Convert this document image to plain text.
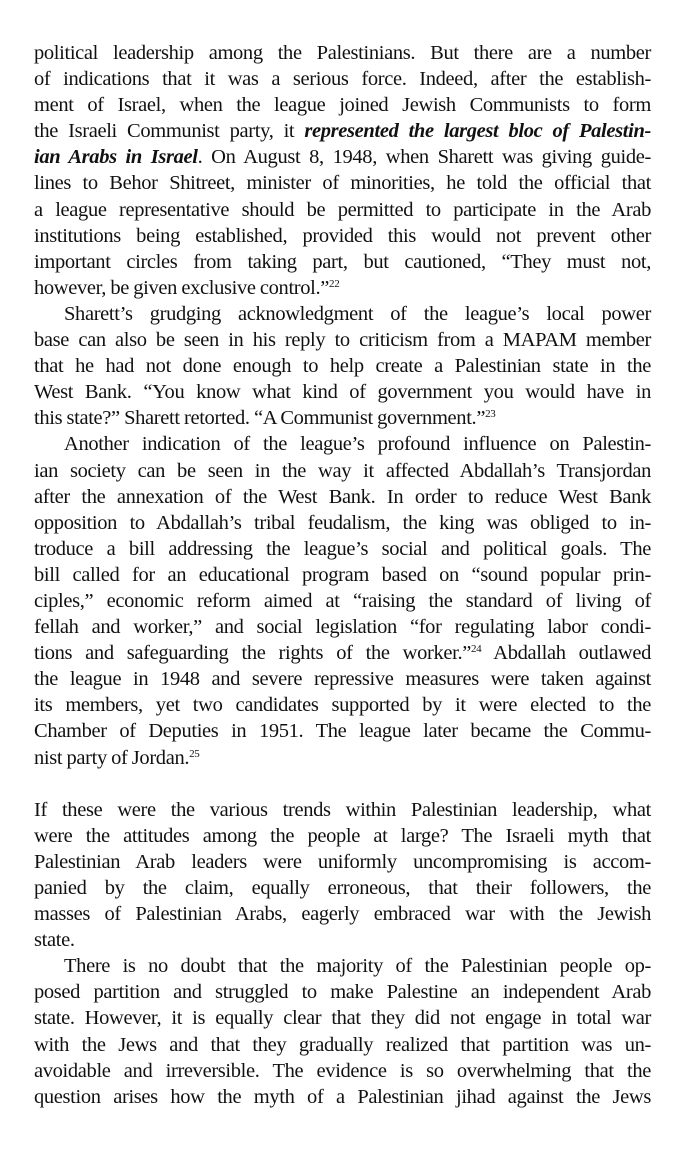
political leadership among the Palestinians. But there are a number
of indications that it was a serious force. Indeed, after the establish-
ment of Israel, when the league joined Jewish Communists to form
the Israeli Communist party, it represented the largest bloc of Palestin-
ian Arabs in Israel. On August 8, 1948, when Sharett was giving guide-
lines to Behor Shitreet, minister of minorities, he told the official that
a league representative should be permitted to participate in the Arab
institutions being established, provided this would not prevent other
important circles from taking part, but cautioned, “They must not,
however, be given exclusive control.”$^{22}$
Sharett’s grudging acknowledgment of the league’s local power
base can also be seen in his reply to criticism from a MAPAM member
that he had not done enough to help create a Palestinian state in the
West Bank. “You know what kind of government you would have in
this state?” Sharett retorted. “A Communist government.”$^{23}$
Another indication of the league’s profound influence on Palestin-
ian society can be seen in the way it affected Abdallah’s Transjordan
after the annexation of the West Bank. In order to reduce West Bank
opposition to Abdallah’s tribal feudalism, the king was obliged to in-
troduce a bill addressing the league’s social and political goals. The
bill called for an educational program based on “sound popular prin-
ciples,” economic reform aimed at “raising the standard of living of
fellah and worker,” and social legislation “for regulating labor condi-
tions and safeguarding the rights of the worker.”$^{24}$ Abdallah outlawed
the league in 1948 and severe repressive measures were taken against
its members, yet two candidates supported by it were elected to the
Chamber of Deputies in 1951. The league later became the Commu-
nist party of Jordan.$^{25}$
If these were the various trends within Palestinian leadership, what
were the attitudes among the people at large? The Israeli myth that
Palestinian Arab leaders were uniformly uncompromising is accom-
panied by the claim, equally erroneous, that their followers, the
masses of Palestinian Arabs, eagerly embraced war with the Jewish
state.
There is no doubt that the majority of the Palestinian people op-
posed partition and struggled to make Palestine an independent Arab
state. However, it is equally clear that they did not engage in total war
with the Jews and that they gradually realized that partition was un-
avoidable and irreversible. The evidence is so overwhelming that the
question arises how the myth of a Palestinian jihad against the Jews
